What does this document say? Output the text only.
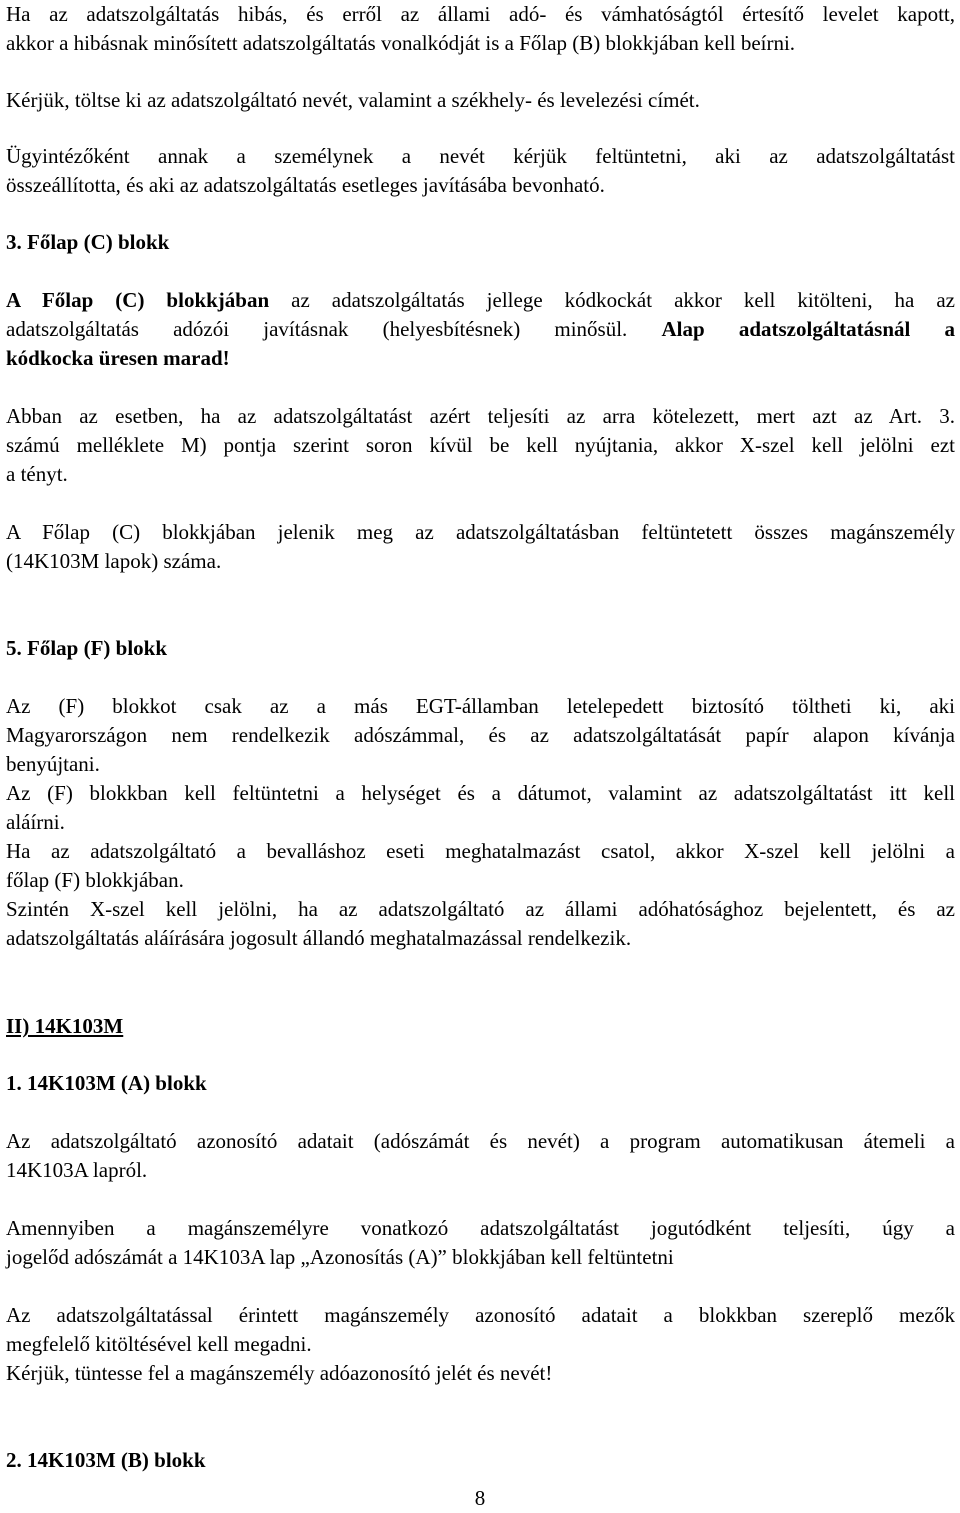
Ha az adatszolgáltatás hibás, és erről az állami adó- és vámhatóságtól értesítő levelet kapott,

akkor a hibásnak minősített adatszolgáltatás vonalkódját is a Főlap (B) blokkjában kell beírni.

Kérjük, töltse ki az adatszolgáltató nevét, valamint a székhely- és levelezési címét.

Ügyintézőként annak a személynek a nevét kérjük feltüntetni, aki az adatszolgáltatást

összeállította, és aki az adatszolgáltatás esetleges javításába bevonható.

3. Főlap (C) blokk

A Főlap (C) blokkjában az adatszolgáltatás jellege kódkockát akkor kell kitölteni, ha az

adatszolgáltatás adózói javításnak (helyesbítésnek) minősül. Alap adatszolgáltatásnál a

kódkocka üresen marad!

Abban az esetben, ha az adatszolgáltatást azért teljesíti az arra kötelezett, mert azt az Art. 3.

számú melléklete M) pontja szerint soron kívül be kell nyújtania, akkor X-szel kell jelölni ezt

a tényt.

A Főlap (C) blokkjában jelenik meg az adatszolgáltatásban feltüntetett összes magánszemély

(14K103M lapok) száma.

5. Főlap (F) blokk

Az (F) blokkot csak az a más EGT-államban letelepedett biztosító töltheti ki, aki

Magyarországon nem rendelkezik adószámmal, és az adatszolgáltatását papír alapon kívánja

benyújtani.

Az (F) blokkban kell feltüntetni a helységet és a dátumot, valamint az adatszolgáltatást itt kell

aláírni.

Ha az adatszolgáltató a bevalláshoz eseti meghatalmazást csatol, akkor X-szel kell jelölni a

főlap (F) blokkjában.

Szintén X-szel kell jelölni, ha az adatszolgáltató az állami adóhatósághoz bejelentett, és az

adatszolgáltatás aláírására jogosult állandó meghatalmazással rendelkezik.

II) 14K103M

1. 14K103M (A) blokk

Az adatszolgáltató azonosító adatait (adószámát és nevét) a program automatikusan átemeli a

14K103A lapról.

Amennyiben a magánszemélyre vonatkozó adatszolgáltatást jogutódként teljesíti, úgy a

jogelőd adószámát a 14K103A lap „Azonosítás (A)” blokkjában kell feltüntetni

Az adatszolgáltatással érintett magánszemély azonosító adatait a blokkban szereplő mezők

megfelelő kitöltésével kell megadni.

Kérjük, tüntesse fel a magánszemély adóazonosító jelét és nevét!

2. 14K103M (B) blokk

8
